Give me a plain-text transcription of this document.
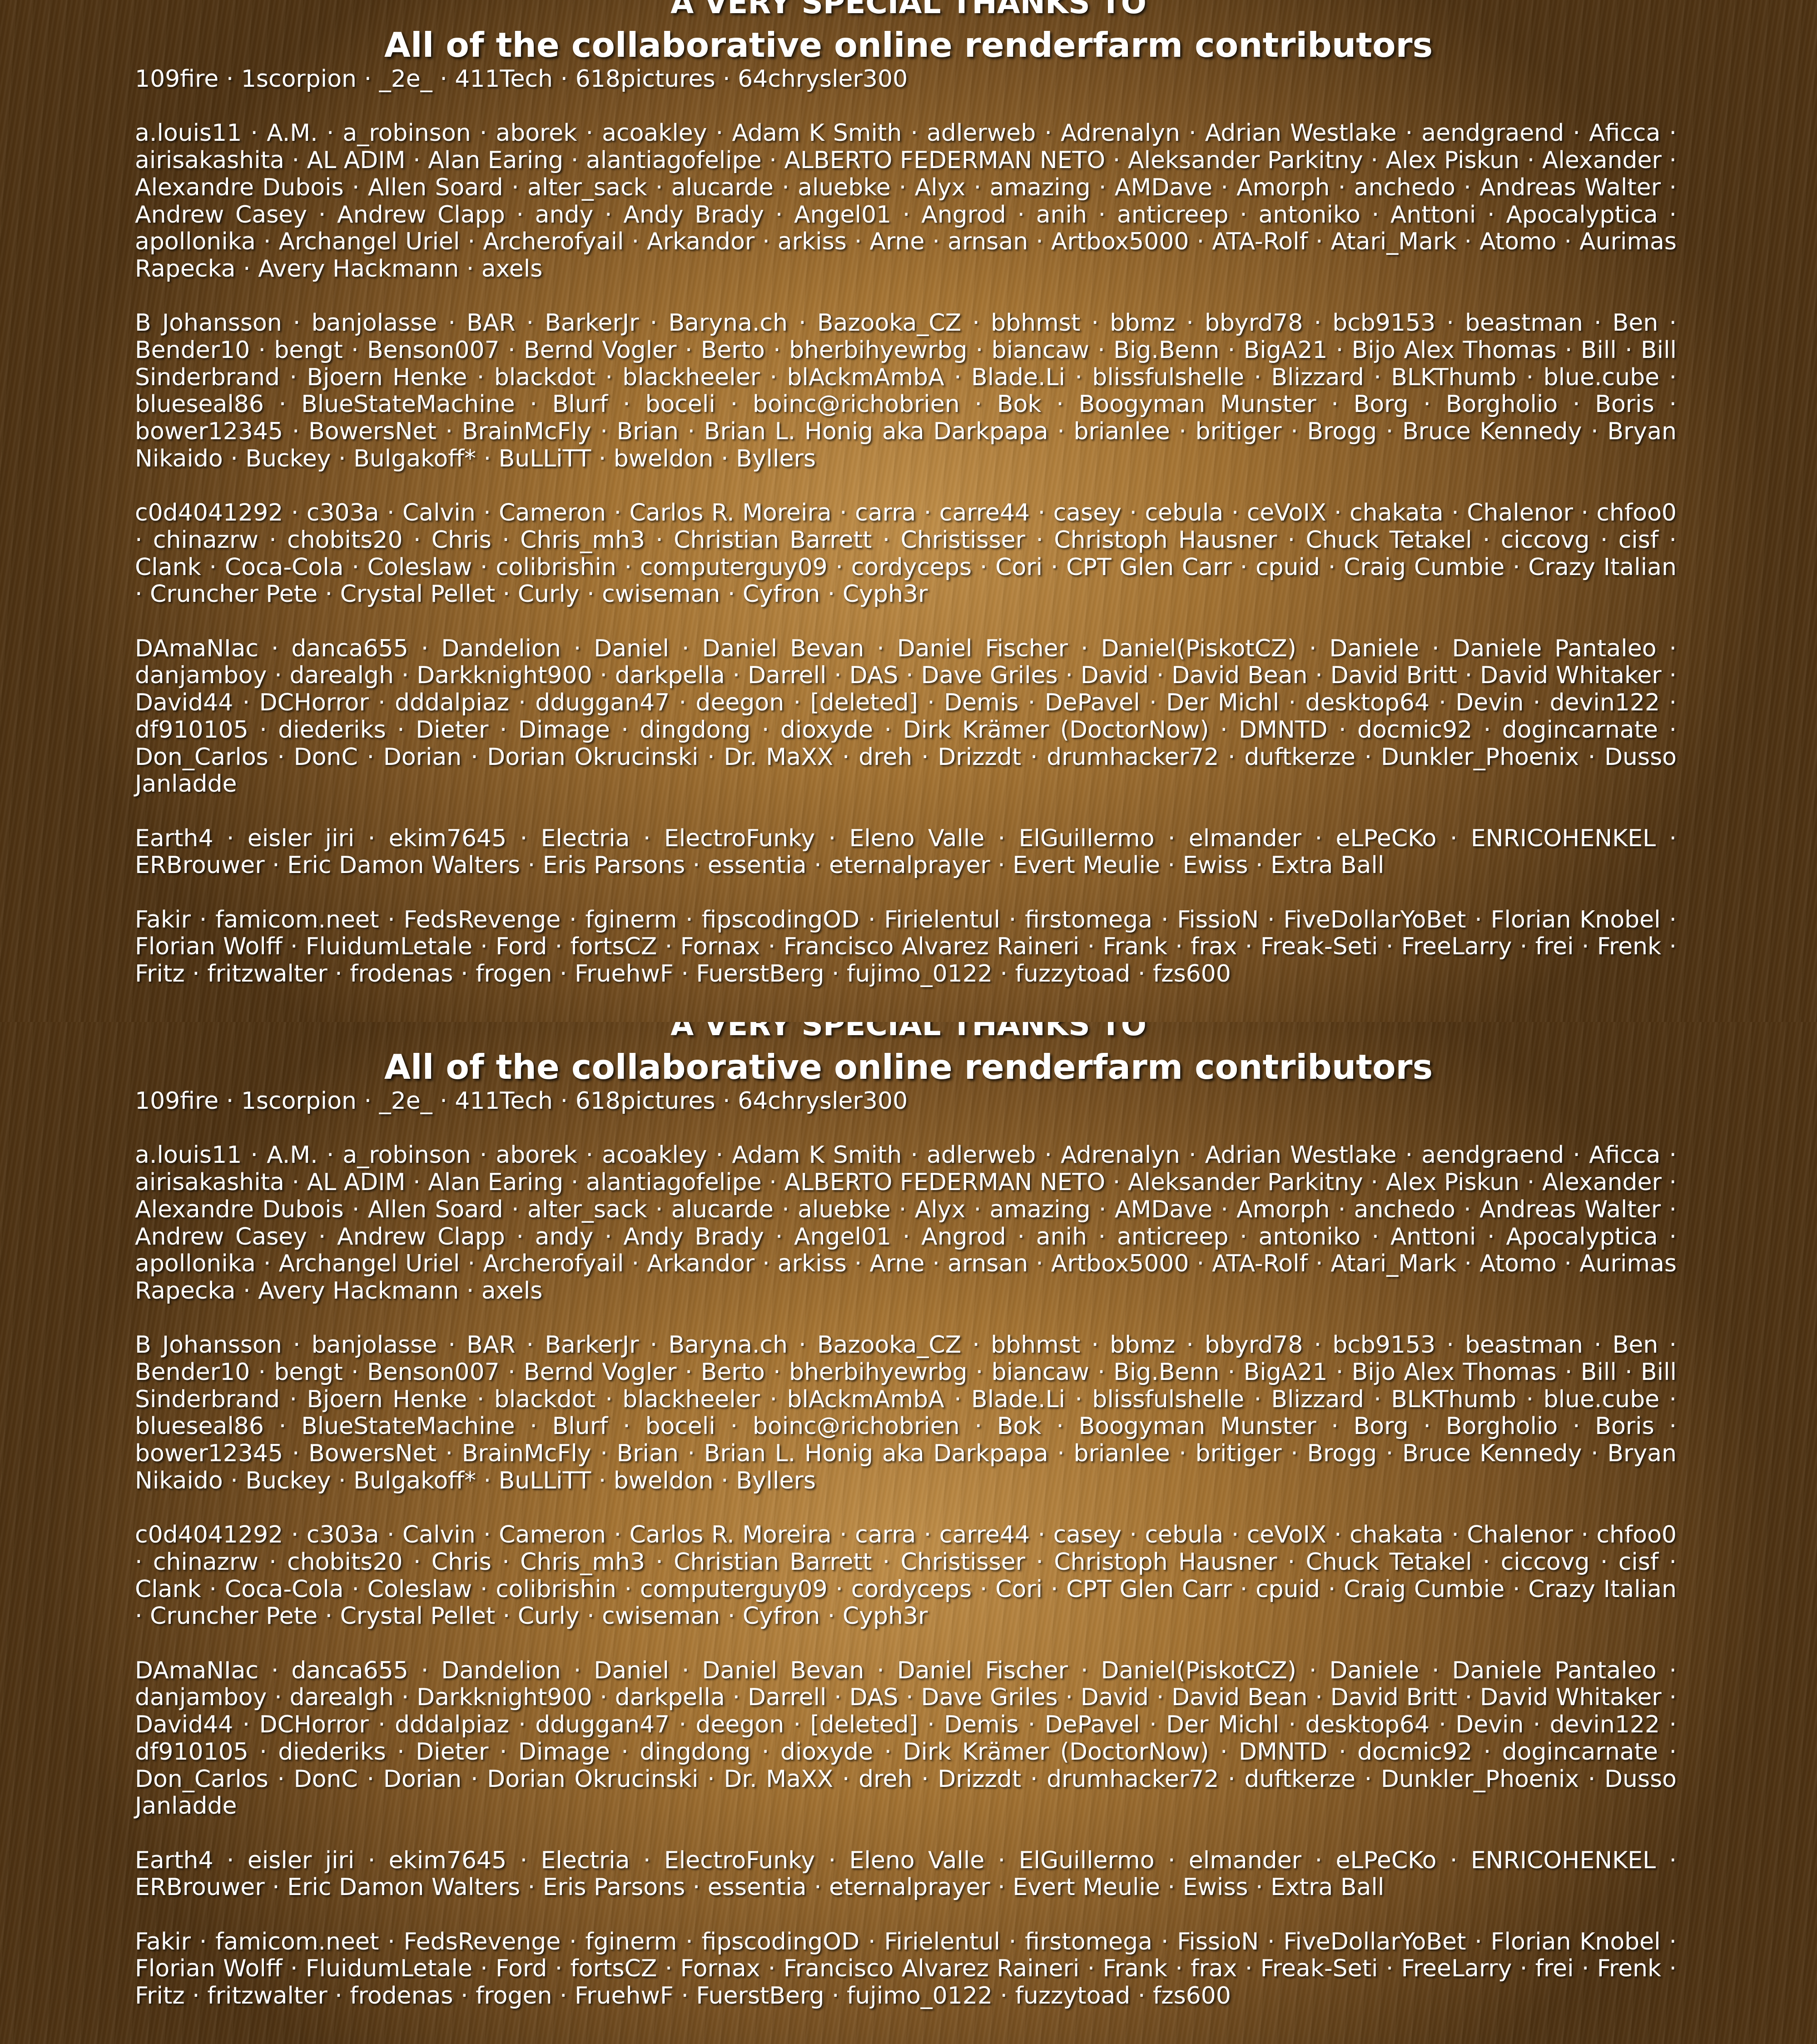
A VERY SPECIAL THANKS TO
All of the collaborative online renderfarm contributors

109fire · 1scorpion · _2e_ · 411Tech · 618pictures · 64chrysler300

a.louis11 · A.M. · a_robinson · aborek · acoakley · Adam K Smith · adlerweb · Adrenalyn · Adrian Westlake · aendgraend · Aficca · airisakashita · AL ADIM · Alan Earing · alantiagofelipe · ALBERTO FEDERMAN NETO · Aleksander Parkitny · Alex Piskun · Alexander · Alexandre Dubois · Allen Soard · alter_sack · alucarde · aluebke · Alyx · amazing · AMDave · Amorph · anchedo · Andreas Walter · Andrew Casey · Andrew Clapp · andy · Andy Brady · Angel01 · Angrod · anih · anticreep · antoniko · Anttoni · Apocalyptica · apollonika · Archangel Uriel · Archerofyail · Arkandor · arkiss · Arne · arnsan · Artbox5000 · ATA-Rolf · Atari_Mark · Atomo · Aurimas Rapecka · Avery Hackmann · axels

B Johansson · banjolasse · BAR · BarkerJr · Baryna.ch · Bazooka_CZ · bbhmst · bbmz · bbyrd78 · bcb9153 · beastman · Ben · Bender10 · bengt · Benson007 · Bernd Vogler · Berto · bherbihyewrbg · biancaw · Big.Benn · BigA21 · Bijo Alex Thomas · Bill · Bill Sinderbrand · Bjoern Henke · blackdot · blackheeler · blAckmAmbA · Blade.Li · blissfulshelle · Blizzard · BLKThumb · blue.cube · blueseal86 · BlueStateMachine · Blurf · boceli · boinc@richobrien · Bok · Boogyman Munster · Borg · Borgholio · Boris · bower12345 · BowersNet · BrainMcFly · Brian · Brian L. Honig aka Darkpapa · brianlee · britiger · Brogg · Bruce Kennedy · Bryan Nikaido · Buckey · Bulgakoff* · BuLLiTT · bweldon · Byllers

c0d4041292 · c303a · Calvin · Cameron · Carlos R. Moreira · carra · carre44 · casey · cebula · ceVoIX · chakata · Chalenor · chfoo0 · chinazrw · chobits20 · Chris · Chris_mh3 · Christian Barrett · Christisser · Christoph Hausner · Chuck Tetakel · ciccovg · cisf · Clank · Coca-Cola · Coleslaw · colibrishin · computerguy09 · cordyceps · Cori · CPT Glen Carr · cpuid · Craig Cumbie · Crazy Italian · Cruncher Pete · Crystal Pellet · Curly · cwiseman · Cyfron · Cyph3r

DAmaNIac · danca655 · Dandelion · Daniel · Daniel Bevan · Daniel Fischer · Daniel(PiskotCZ) · Daniele · Daniele Pantaleo · danjamboy · darealgh · Darkknight900 · darkpella · Darrell · DAS · Dave Griles · David · David Bean · David Britt · David Whitaker · David44 · DCHorror · dddalpiaz · dduggan47 · deegon · [deleted] · Demis · DePavel · Der Michl · desktop64 · Devin · devin122 · df910105 · diederiks · Dieter · Dimage · dingdong · dioxyde · Dirk Krämer (DoctorNow) · DMNTD · docmic92 · dogincarnate · Don_Carlos · DonC · Dorian · Dorian Okrucinski · Dr. MaXX · dreh · Drizzdt · drumhacker72 · duftkerze · Dunkler_Phoenix · Dusso Janladde

Earth4 · eisler jiri · ekim7645 · Electria · ElectroFunky · Eleno Valle · ElGuillermo · elmander · eLPeCKo · ENRICOHENKEL · ERBrouwer · Eric Damon Walters · Eris Parsons · essentia · eternalprayer · Evert Meulie · Ewiss · Extra Ball

Fakir · famicom.neet · FedsRevenge · fginerm · fipscodingOD · Firielentul · firstomega · FissioN · FiveDollarYoBet · Florian Knobel · Florian Wolff · FluidumLetale · Ford · fortsCZ · Fornax · Francisco Alvarez Raineri · Frank · frax · Freak-Seti · FreeLarry · frei · Frenk · Fritz · fritzwalter · frodenas · frogen · FruehwF · FuerstBerg · fujimo_0122 · fuzzytoad · fzs600

A VERY SPECIAL THANKS TO
All of the collaborative online renderfarm contributors

109fire · 1scorpion · _2e_ · 411Tech · 618pictures · 64chrysler300

a.louis11 · A.M. · a_robinson · aborek · acoakley · Adam K Smith · adlerweb · Adrenalyn · Adrian Westlake · aendgraend · Aficca · airisakashita · AL ADIM · Alan Earing · alantiagofelipe · ALBERTO FEDERMAN NETO · Aleksander Parkitny · Alex Piskun · Alexander · Alexandre Dubois · Allen Soard · alter_sack · alucarde · aluebke · Alyx · amazing · AMDave · Amorph · anchedo · Andreas Walter · Andrew Casey · Andrew Clapp · andy · Andy Brady · Angel01 · Angrod · anih · anticreep · antoniko · Anttoni · Apocalyptica · apollonika · Archangel Uriel · Archerofyail · Arkandor · arkiss · Arne · arnsan · Artbox5000 · ATA-Rolf · Atari_Mark · Atomo · Aurimas Rapecka · Avery Hackmann · axels

B Johansson · banjolasse · BAR · BarkerJr · Baryna.ch · Bazooka_CZ · bbhmst · bbmz · bbyrd78 · bcb9153 · beastman · Ben · Bender10 · bengt · Benson007 · Bernd Vogler · Berto · bherbihyewrbg · biancaw · Big.Benn · BigA21 · Bijo Alex Thomas · Bill · Bill Sinderbrand · Bjoern Henke · blackdot · blackheeler · blAckmAmbA · Blade.Li · blissfulshelle · Blizzard · BLKThumb · blue.cube · blueseal86 · BlueStateMachine · Blurf · boceli · boinc@richobrien · Bok · Boogyman Munster · Borg · Borgholio · Boris · bower12345 · BowersNet · BrainMcFly · Brian · Brian L. Honig aka Darkpapa · brianlee · britiger · Brogg · Bruce Kennedy · Bryan Nikaido · Buckey · Bulgakoff* · BuLLiTT · bweldon · Byllers

c0d4041292 · c303a · Calvin · Cameron · Carlos R. Moreira · carra · carre44 · casey · cebula · ceVoIX · chakata · Chalenor · chfoo0 · chinazrw · chobits20 · Chris · Chris_mh3 · Christian Barrett · Christisser · Christoph Hausner · Chuck Tetakel · ciccovg · cisf · Clank · Coca-Cola · Coleslaw · colibrishin · computerguy09 · cordyceps · Cori · CPT Glen Carr · cpuid · Craig Cumbie · Crazy Italian · Cruncher Pete · Crystal Pellet · Curly · cwiseman · Cyfron · Cyph3r

DAmaNIac · danca655 · Dandelion · Daniel · Daniel Bevan · Daniel Fischer · Daniel(PiskotCZ) · Daniele · Daniele Pantaleo · danjamboy · darealgh · Darkknight900 · darkpella · Darrell · DAS · Dave Griles · David · David Bean · David Britt · David Whitaker · David44 · DCHorror · dddalpiaz · dduggan47 · deegon · [deleted] · Demis · DePavel · Der Michl · desktop64 · Devin · devin122 · df910105 · diederiks · Dieter · Dimage · dingdong · dioxyde · Dirk Krämer (DoctorNow) · DMNTD · docmic92 · dogincarnate · Don_Carlos · DonC · Dorian · Dorian Okrucinski · Dr. MaXX · dreh · Drizzdt · drumhacker72 · duftkerze · Dunkler_Phoenix · Dusso Janladde

Earth4 · eisler jiri · ekim7645 · Electria · ElectroFunky · Eleno Valle · ElGuillermo · elmander · eLPeCKo · ENRICOHENKEL · ERBrouwer · Eric Damon Walters · Eris Parsons · essentia · eternalprayer · Evert Meulie · Ewiss · Extra Ball

Fakir · famicom.neet · FedsRevenge · fginerm · fipscodingOD · Firielentul · firstomega · FissioN · FiveDollarYoBet · Florian Knobel · Florian Wolff · FluidumLetale · Ford · fortsCZ · Fornax · Francisco Alvarez Raineri · Frank · frax · Freak-Seti · FreeLarry · frei · Frenk · Fritz · fritzwalter · frodenas · frogen · FruehwF · FuerstBerg · fujimo_0122 · fuzzytoad · fzs600
